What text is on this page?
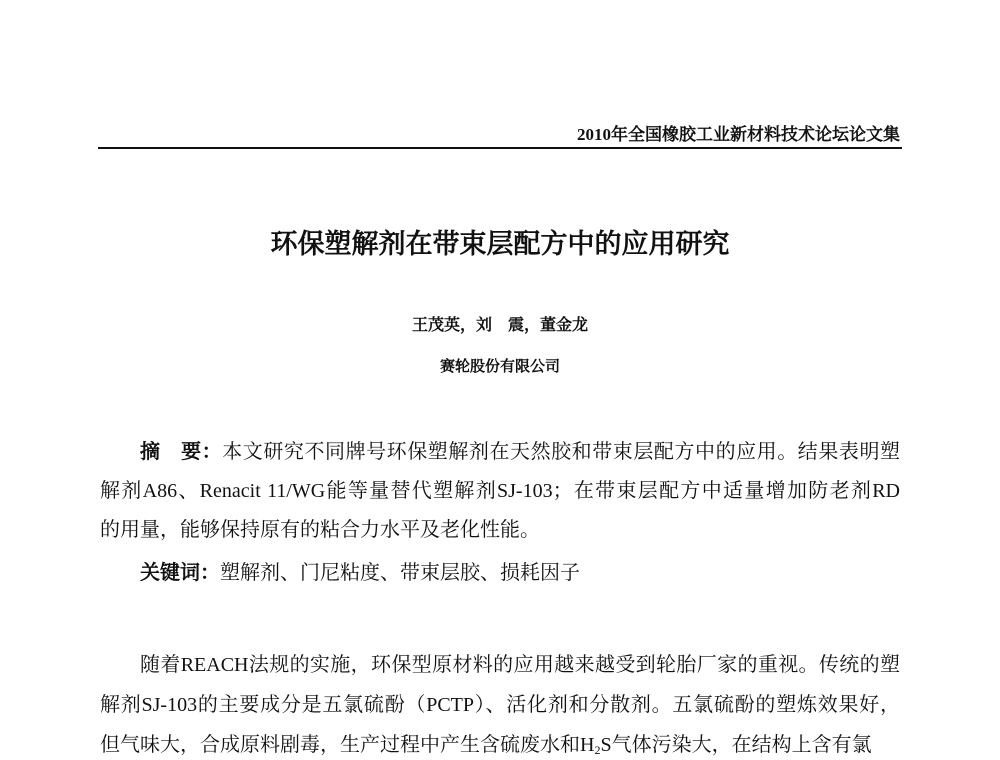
2010年全国橡胶工业新材料技术论坛论文集
环保塑解剂在带束层配方中的应用研究
王茂英，刘　震，董金龙
赛轮股份有限公司
摘　要：本文研究不同牌号环保塑解剂在天然胶和带束层配方中的应用。结果表明塑
解剂A86、Renacit 11/WG能等量替代塑解剂SJ-103；在带束层配方中适量增加防老剂RD
的用量，能够保持原有的粘合力水平及老化性能。
关键词：塑解剂、门尼粘度、带束层胶、损耗因子
随着REACH法规的实施，环保型原材料的应用越来越受到轮胎厂家的重视。传统的塑
解剂SJ-103的主要成分是五氯硫酚（PCTP）、活化剂和分散剂。五氯硫酚的塑炼效果好，
但气味大，合成原料剧毒，生产过程中产生含硫废水和$H_2S$气体污染大，在结构上含有氯
